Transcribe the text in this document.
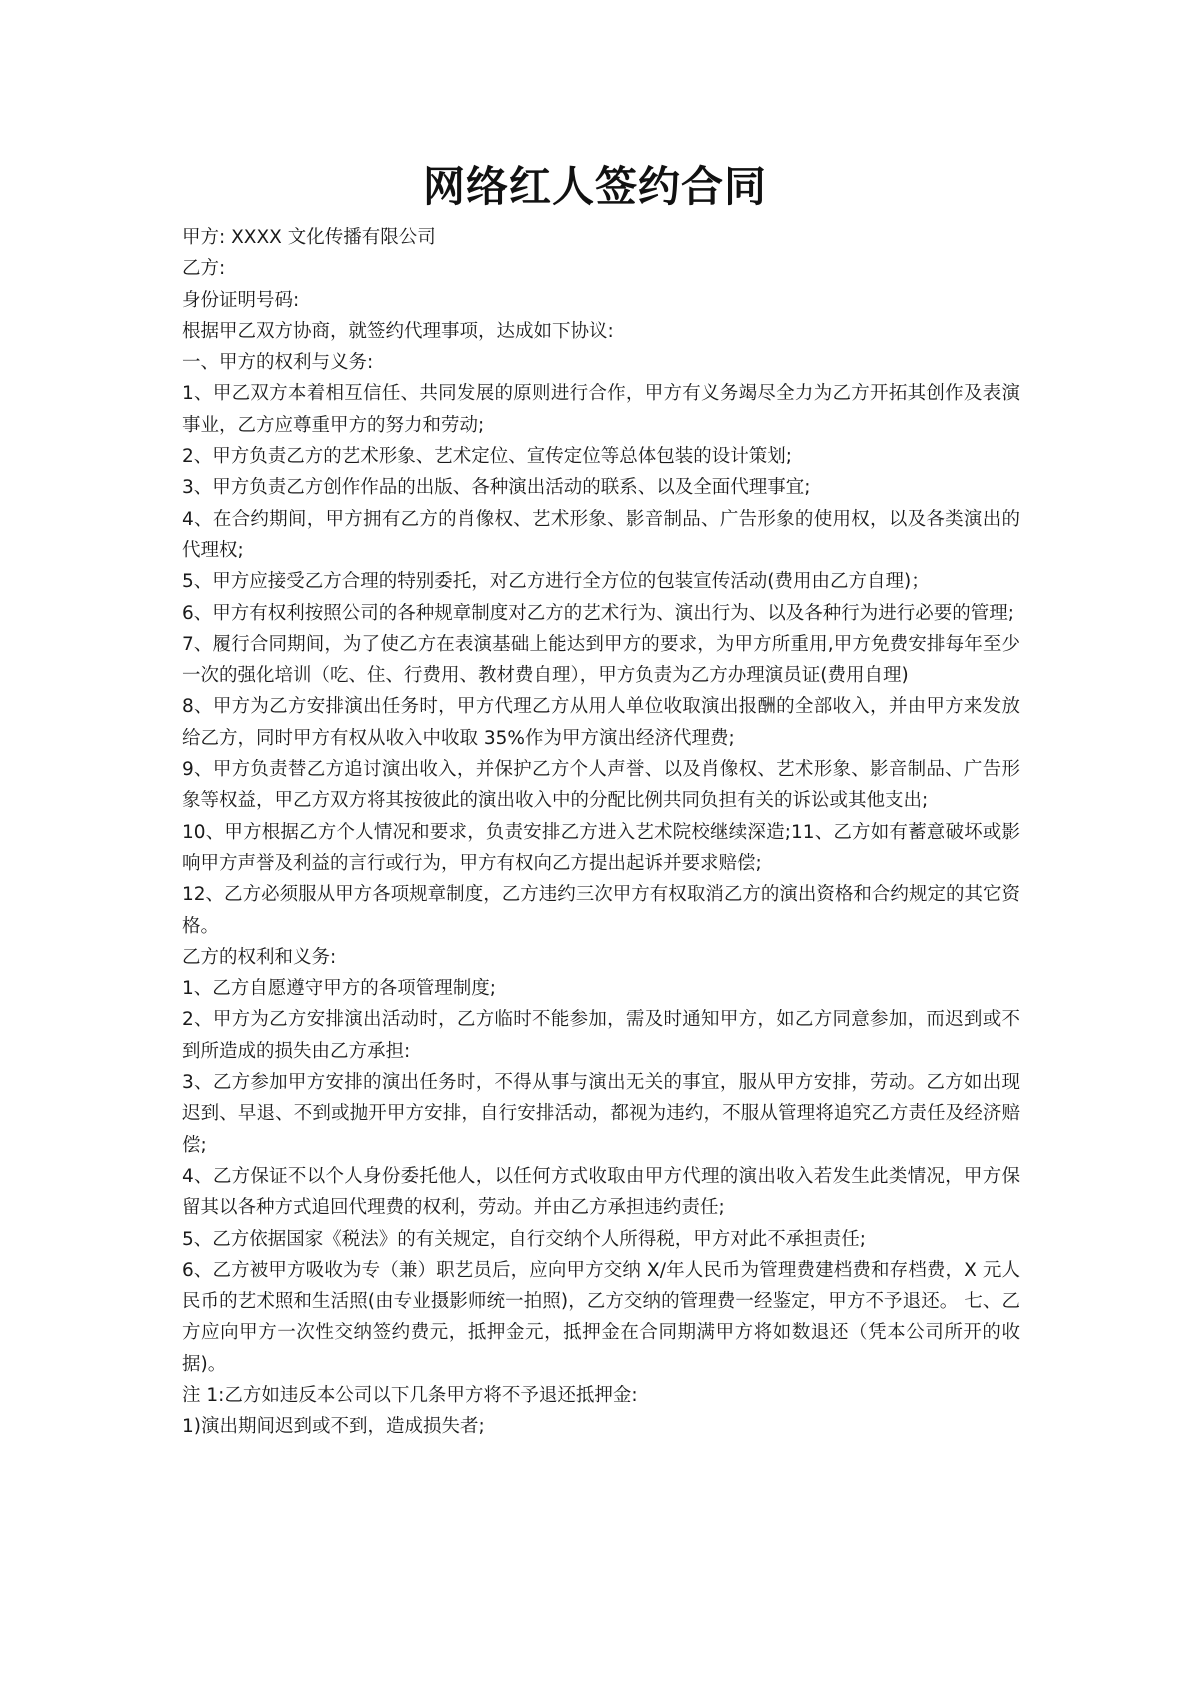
网络红人签约合同

甲方: XXXX 文化传播有限公司

乙方:

身份证明号码:

根据甲乙双方协商，就签约代理事项，达成如下协议:

一、甲方的权利与义务:

1、甲乙双方本着相互信任、共同发展的原则进行合作，甲方有义务竭尽全力为乙方开拓其创作及表演事业，乙方应尊重甲方的努力和劳动;

2、甲方负责乙方的艺术形象、艺术定位、宣传定位等总体包装的设计策划;

3、甲方负责乙方创作作品的出版、各种演出活动的联系、以及全面代理事宜;

4、在合约期间，甲方拥有乙方的肖像权、艺术形象、影音制品、广告形象的使用权，以及各类演出的代理权;

5、甲方应接受乙方合理的特别委托，对乙方进行全方位的包装宣传活动(费用由乙方自理)；

6、甲方有权利按照公司的各种规章制度对乙方的艺术行为、演出行为、以及各种行为进行必要的管理;

7、履行合同期间，为了使乙方在表演基础上能达到甲方的要求，为甲方所重用,甲方免费安排每年至少一次的强化培训（吃、住、行费用、教材费自理），甲方负责为乙方办理演员证(费用自理)

8、甲方为乙方安排演出任务时，甲方代理乙方从用人单位收取演出报酬的全部收入，并由甲方来发放给乙方，同时甲方有权从收入中收取 35%作为甲方演出经济代理费;

9、甲方负责替乙方追讨演出收入，并保护乙方个人声誉、以及肖像权、艺术形象、影音制品、广告形象等权益，甲乙方双方将其按彼此的演出收入中的分配比例共同负担有关的诉讼或其他支出;

10、甲方根据乙方个人情况和要求，负责安排乙方进入艺术院校继续深造;11、乙方如有蓄意破坏或影响甲方声誉及利益的言行或行为，甲方有权向乙方提出起诉并要求赔偿;

12、乙方必须服从甲方各项规章制度，乙方违约三次甲方有权取消乙方的演出资格和合约规定的其它资格。

乙方的权利和义务:

1、乙方自愿遵守甲方的各项管理制度;

2、甲方为乙方安排演出活动时，乙方临时不能参加，需及时通知甲方，如乙方同意参加，而迟到或不到所造成的损失由乙方承担:

3、乙方参加甲方安排的演出任务时，不得从事与演出无关的事宜，服从甲方安排，劳动。乙方如出现迟到、早退、不到或抛开甲方安排，自行安排活动，都视为违约，不服从管理将追究乙方责任及经济赔偿;

4、乙方保证不以个人身份委托他人，以任何方式收取由甲方代理的演出收入若发生此类情况，甲方保留其以各种方式追回代理费的权利，劳动。并由乙方承担违约责任;

5、乙方依据国家《税法》的有关规定，自行交纳个人所得税，甲方对此不承担责任;

6、乙方被甲方吸收为专（兼）职艺员后，应向甲方交纳 X/年人民币为管理费建档费和存档费，X 元人民币的艺术照和生活照(由专业摄影师统一拍照)，乙方交纳的管理费一经鉴定，甲方不予退还。 七、乙方应向甲方一次性交纳签约费元，抵押金元，抵押金在合同期满甲方将如数退还（凭本公司所开的收据)。

注 1:乙方如违反本公司以下几条甲方将不予退还抵押金:

1)演出期间迟到或不到，造成损失者;
